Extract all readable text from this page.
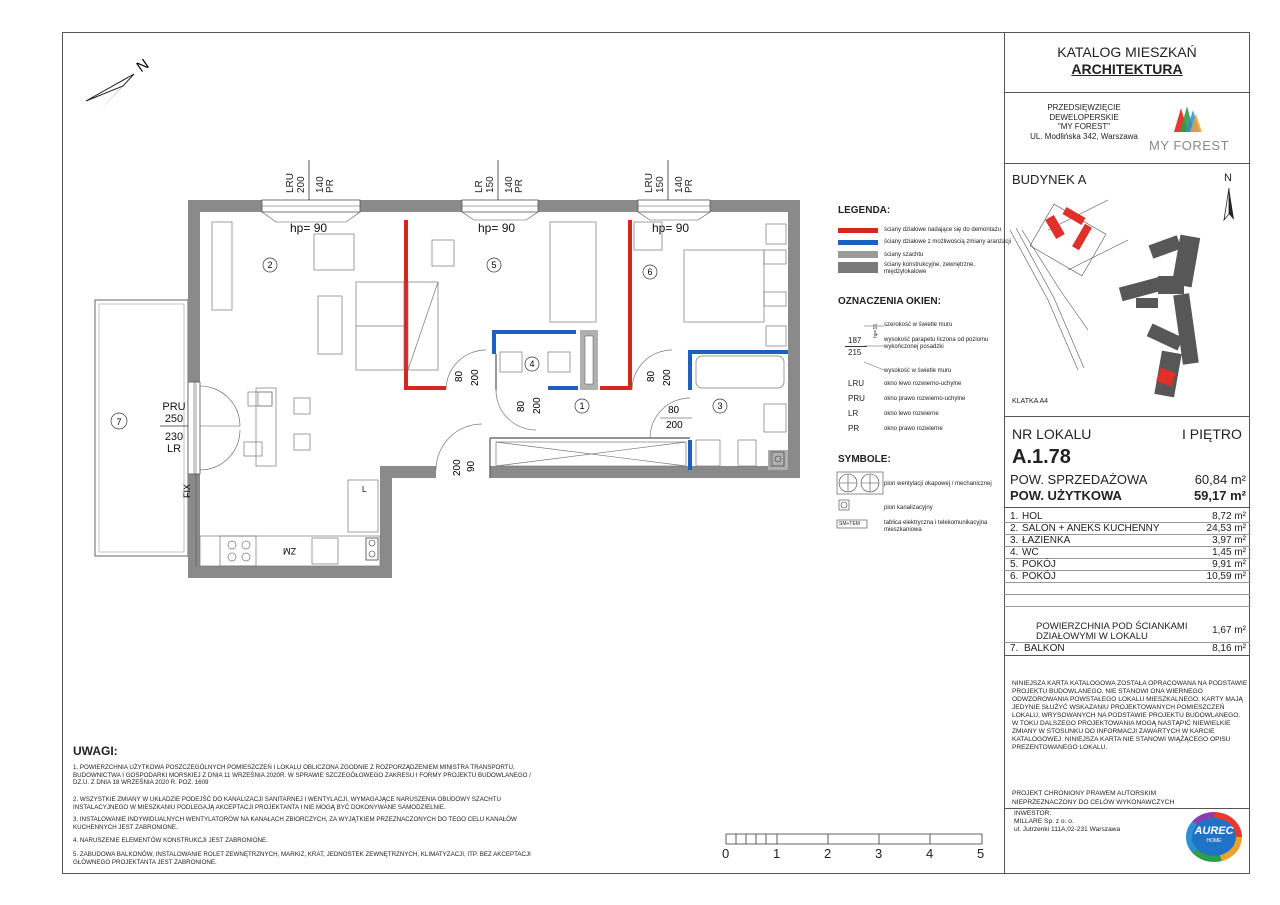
N
7
LRU 200 140 PR	LR 150 140 PR	LRU 150 140 PR
hp= 90	hp= 90	hp= 90
PRU
250
230
LR
FIX
2	5
6
4
1	3
80 200
80 200
80 200
80
200
90
200
L
ZM
LEGENDA:
ściany działowe nadające się do demontażu
ściany działowe z możliwością zmiany aranżacji
ściany szachtu
ściany konstrukcyjne, zewnętrzne, międzylokalowe
OZNACZENIA OKIEN:
187
215
hp=15 szerokość w świetle muru
wysokość parapetu liczona od poziomu wykończonej posadzki
wysokość w świetle muru
LRU	okno lewo rozwierno-uchylne
PRU	okno prawo rozwierno-uchylne
LR	okno lewo rozwierne
PR	okno prawo rozwierne
SYMBOLE:
SM+TEM
pion wentylacji okapowej / mechanicznej
pion kanalizacyjny
tablica elektryczna i telekomunikacyjna mieszkaniowa
UWAGI:
1. POWIERZCHNIA UŻYTKOWA POSZCZEGÓLNYCH POMIESZCZEŃ I LOKALU OBLICZONA ZGODNIE Z ROZPORZĄDZENIEM MINISTRA TRANSPORTU, BUDOWNICTWA I GOSPODARKI MORSKIEJ Z DNIA 11 WRZEŚNIA 2020R. W SPRAWIE SZCZEGÓŁOWEGO ZAKRESU I FORMY PROJEKTU BUDOWLANEGO / DZ.U. Z DNIA 18 WRZEŚNIA 2020 R. POZ. 1609
2. WSZYSTKIE ZMIANY W UKŁADZIE PODEJŚĆ DO KANALIZACJI SANITARNEJ I WENTYLACJI, WYMAGAJĄCE NARUSZENIA OBUDOWY SZACHTU INSTALACYJNEGO W MIESZKANIU PODLEGAJĄ AKCEPTACJI PROJEKTANTA I NIE MOGĄ BYĆ DOKONYWANE SAMODZIELNIE.
3. INSTALOWANIE INDYWIDUALNYCH WENTYLATORÓW NA KANAŁACH ZBIORCZYCH, ZA WYJĄTKIEM PRZEZNACZONYCH DO TEGO CELU KANAŁÓW KUCHENNYCH JEST ZABRONIONE.
4. NARUSZENIE ELEMENTÓW KONSTRUKCJI JEST ZABRONIONE.
5. ZABUDOWA BALKONÓW, INSTALOWANIE ROLET ZEWNĘTRZNYCH, MARKIZ, KRAT, JEDNOSTEK ZEWNĘTRZNYCH, KLIMATYZACJI, ITP. BEZ AKCEPTACJI GŁÓWNEGO PROJEKTANTA JEST ZABRONIONE.
0	1	2	3	4	5
KATALOG MIESZKAŃ
ARCHITEKTURA
PRZEDSIĘWZIĘCIE
DEWELOPERSKIE
"MY FOREST"
UL. Modlińska 342, Warszawa
MY FOREST
BUDYNEK A	N
KLATKA A4
NR LOKALU	I PIĘTRO
A.1.78
POW. SPRZEDAŻOWA	60,84 m²
POW. UŻYTKOWA	59,17 m²
1. HOL	8,72 m²
2. SALON + ANEKS KUCHENNY	24,53 m²
3. ŁAZIENKA	3,97 m²
4. WC	1,45 m²
5. POKÓJ	9,91 m²
6. POKÓJ	10,59 m²
POWIERZCHNIA POD ŚCIANKAMI
DZIAŁOWYMI W LOKALU
1,67 m²
7. BALKON	8,16 m²
NINIEJSZA KARTA KATALOGOWA ZOSTAŁA OPRACOWANA NA PODSTAWIE PROJEKTU BUDOWLANEGO. NIE STANOWI ONA WIERNEGO ODWZOROWANIA POWSTAŁEGO LOKALU MIESZKALNEGO. KARTY MAJĄ JEDYNIE SŁUŻYĆ WSKAZANIU PROJEKTOWANYCH POMIESZCZEŃ LOKALU, WRYSOWANYCH NA PODSTAWIE PROJEKTU BUDOWLANEGO. W TOKU DALSZEGO PROJEKTOWANIA MOGĄ NASTĄPIĆ NIEWIELKIE ZMIANY W STOSUNKU DO INFORMACJI ZAWARTYCH W KARCIE KATALOGOWEJ. NINIEJSZA KARTA NIE STANOWI WIĄŻĄCEGO OPISU PREZENTOWANEGO LOKALU.
PROJEKT CHRONIONY PRAWEM AUTORSKIM
NIEPRZEZNACZONY DO CELÓW WYKONAWCZYCH
INWESTOR:
MILLARE Sp. z o. o.
ul. Jutrzenki 111A,02-231 Warszawa	AUREC
HOME
